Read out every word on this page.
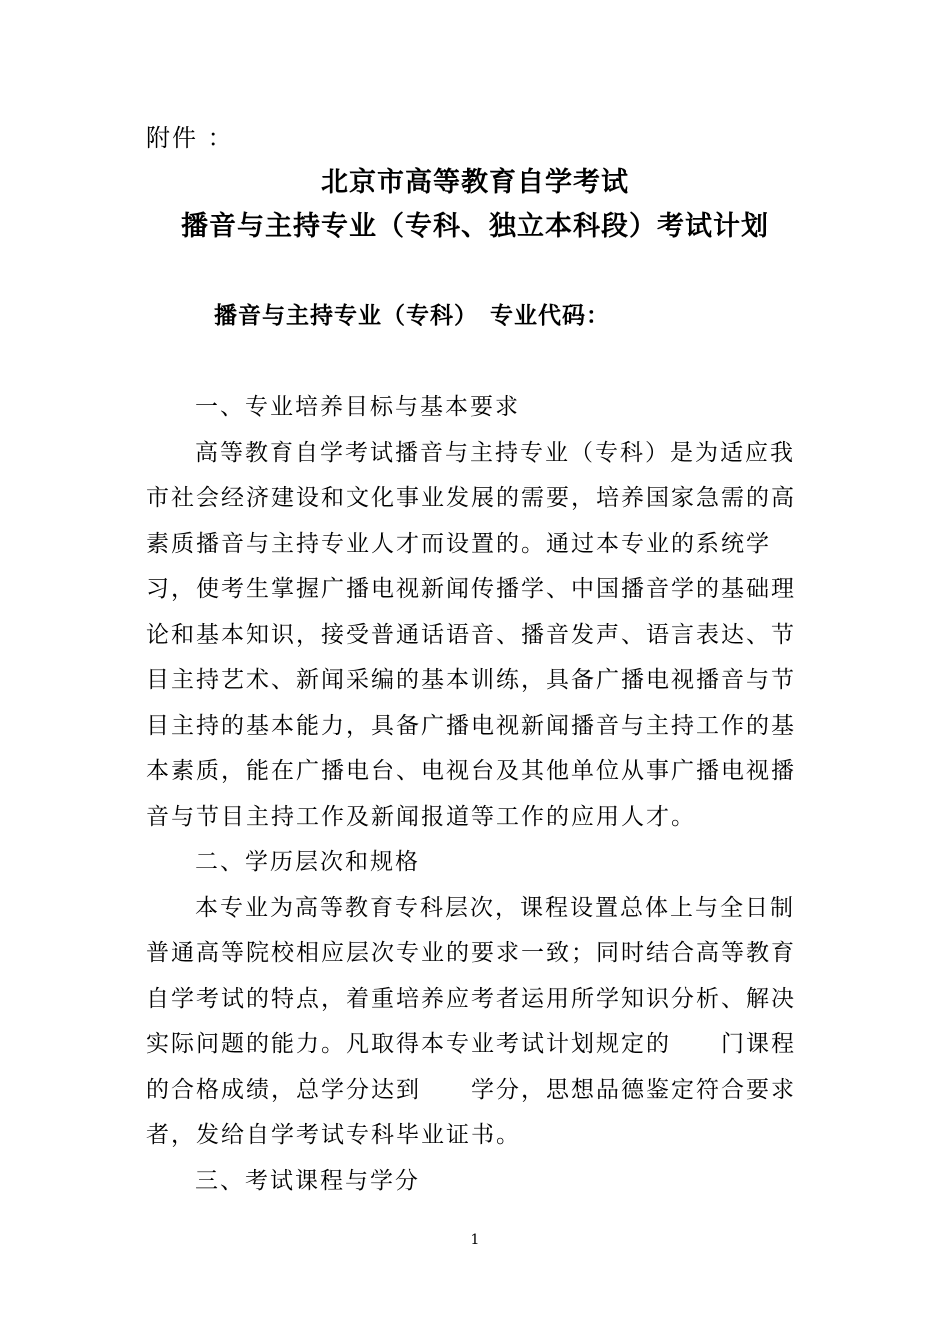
附件 ：
北京市高等教育自学考试
播音与主持专业（专科、独立本科段）考试计划
播音与主持专业（专科） 专业代码：
一、专业培养目标与基本要求
高等教育自学考试播音与主持专业（专科）是为适应我
市社会经济建设和文化事业发展的需要，培养国家急需的高
素质播音与主持专业人才而设置的。通过本专业的系统学
习，使考生掌握广播电视新闻传播学、中国播音学的基础理
论和基本知识，接受普通话语音、播音发声、语言表达、节
目主持艺术、新闻采编的基本训练，具备广播电视播音与节
目主持的基本能力，具备广播电视新闻播音与主持工作的基
本素质，能在广播电台、电视台及其他单位从事广播电视播
音与节目主持工作及新闻报道等工作的应用人才。
二、学历层次和规格
本专业为高等教育专科层次，课程设置总体上与全日制
普通高等院校相应层次专业的要求一致；同时结合高等教育
自学考试的特点，着重培养应考者运用所学知识分析、解决
实际问题的能力。凡取得本专业考试计划规定的 门课程
的合格成绩，总学分达到 学分，思想品德鉴定符合要求
者，发给自学考试专科毕业证书。
三、考试课程与学分
1
